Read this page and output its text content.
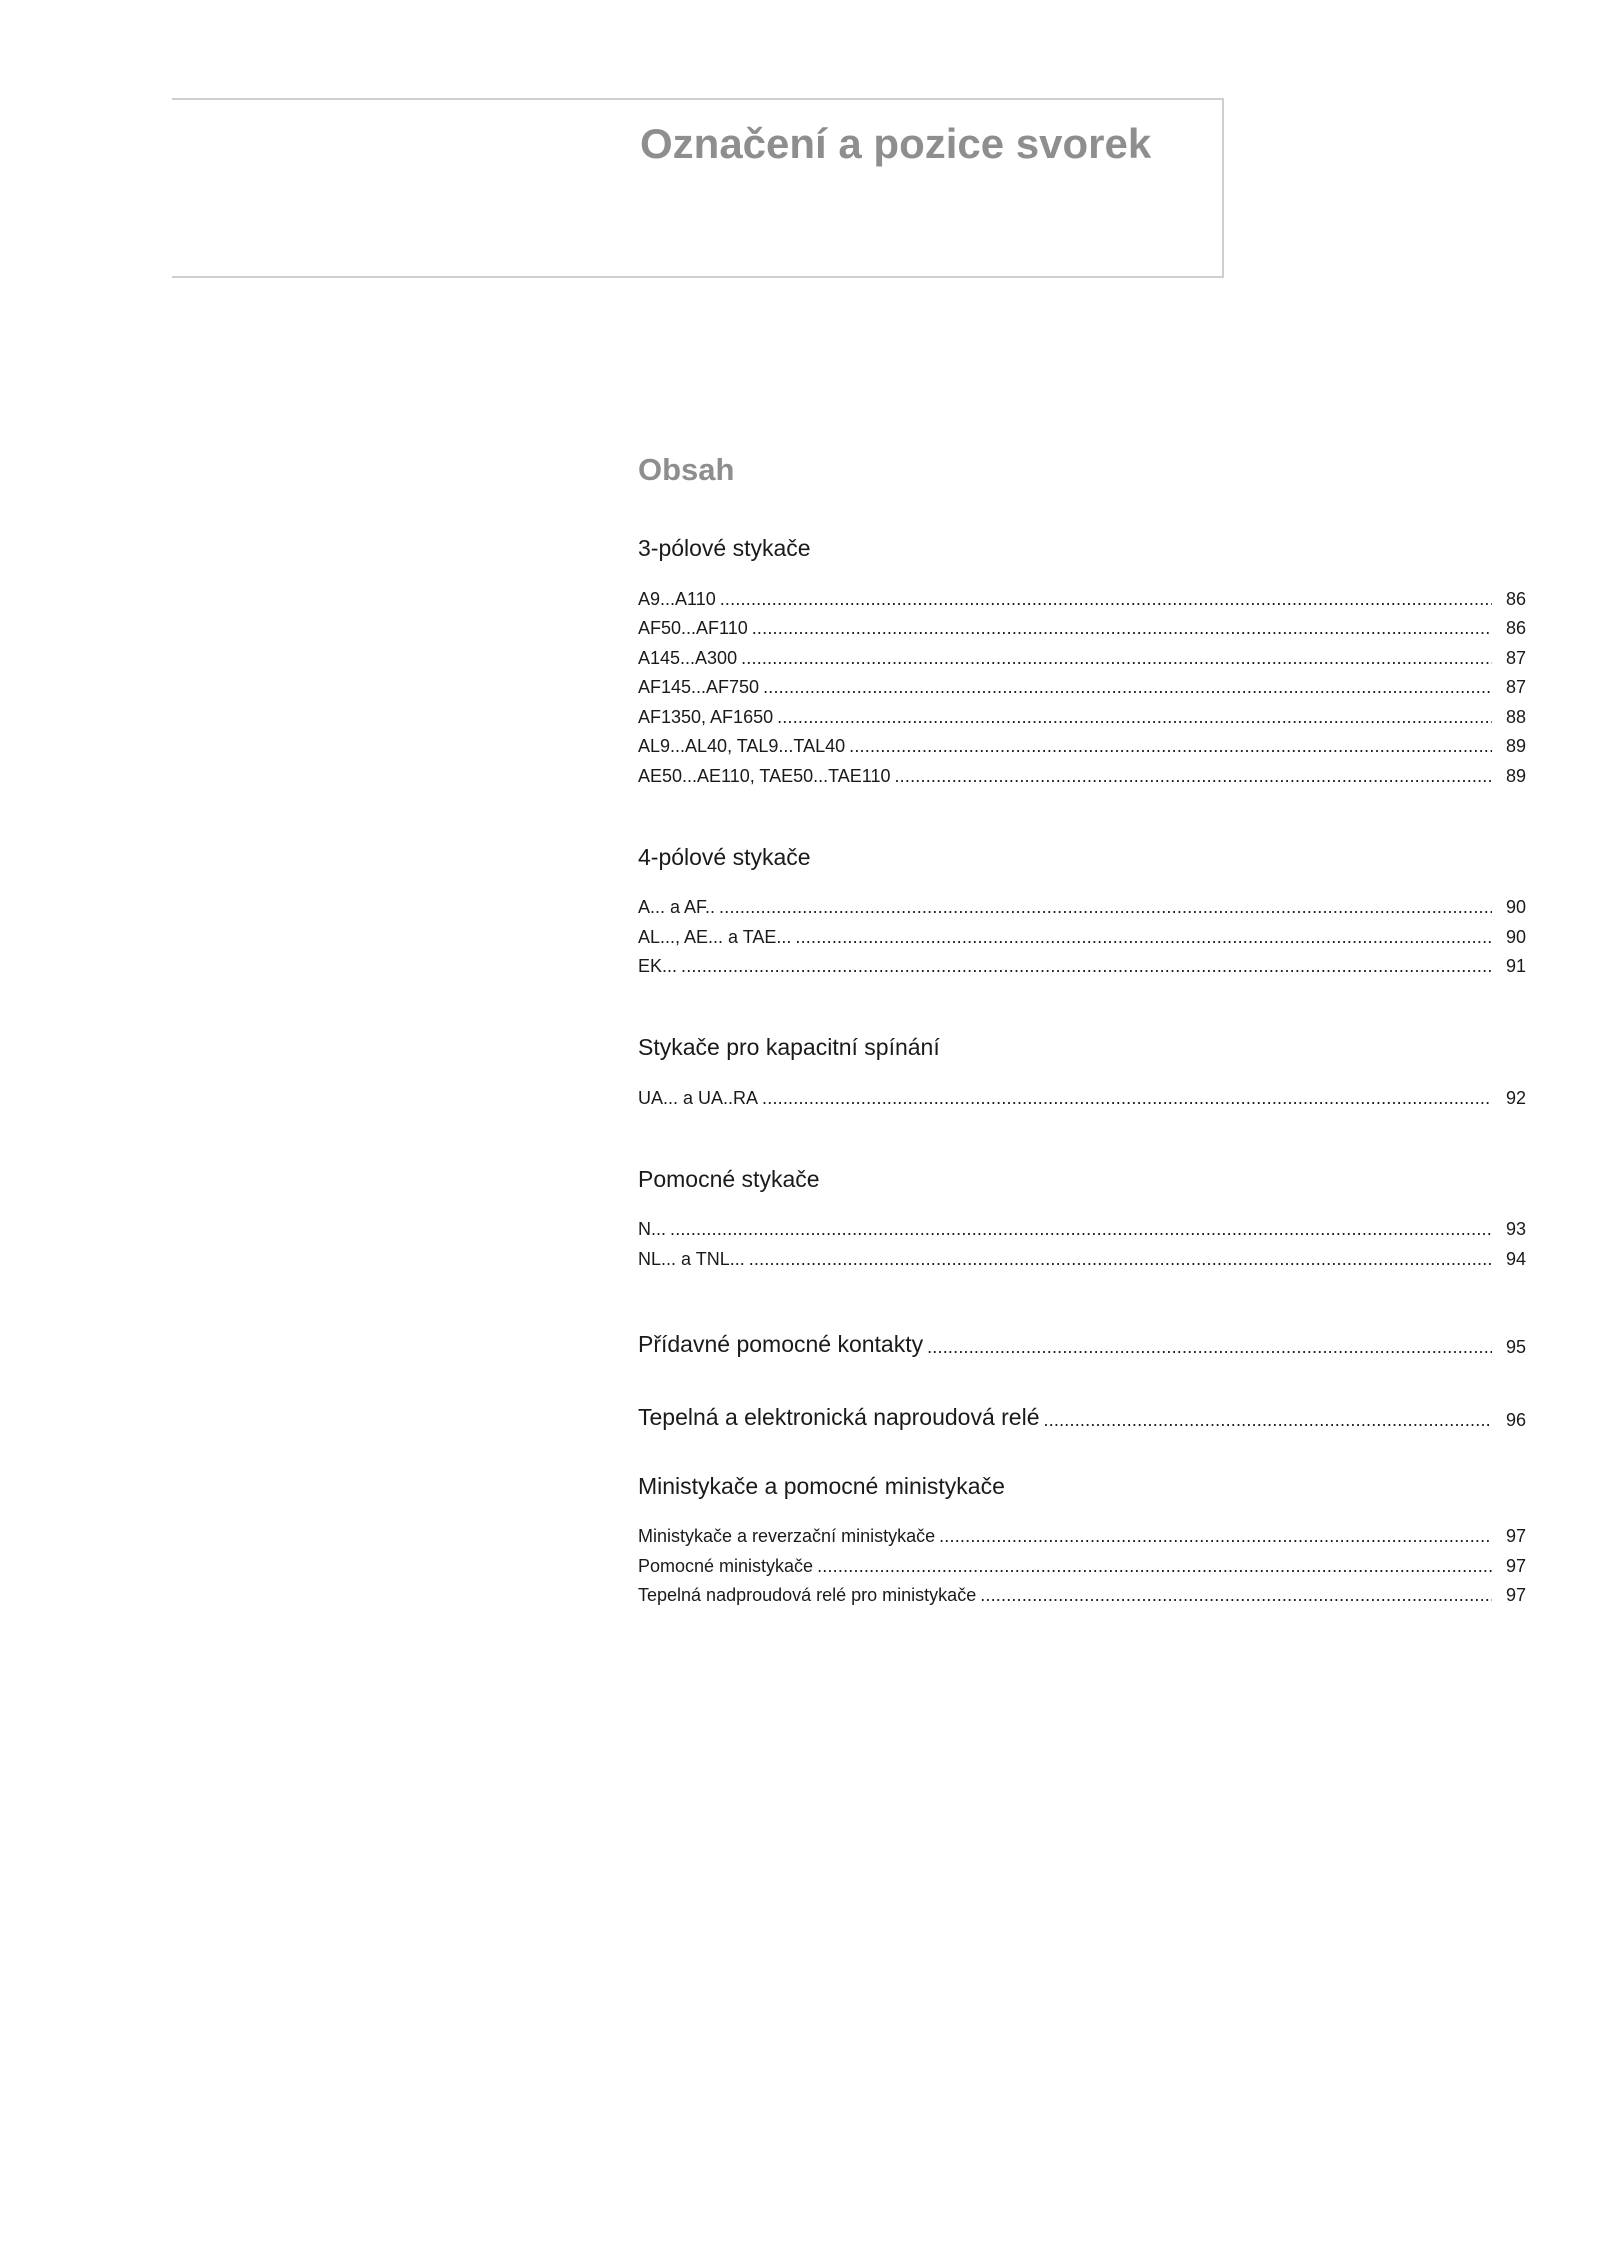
Označení a pozice svorek
Obsah
3-pólové stykače
A9...A110 . . .	86
AF50...AF110 . . .	86
A145...A300 . . .	87
AF145...AF750 . . .	87
AF1350, AF1650 . . .	88
AL9...AL40, TAL9...TAL40 . . .	89
AE50...AE110, TAE50...TAE110 . . .	89
4-pólové stykače
A... a AF.. . . .	90
AL..., AE... a TAE... . . .	90
EK... . . .	91
Stykače pro kapacitní spínání
UA... a UA..RA . . .	92
Pomocné stykače
N... . . .	93
NL... a TNL... . . .	94
Přídavné pomocné kontakty . . .	95
Tepelná a elektronická naproudová relé . . .	96
Ministykače a pomocné ministykače
Ministykače a reverzační ministykače . . .	97
Pomocné ministykače . . .	97
Tepelná nadproudová relé pro ministykače . . .	97
